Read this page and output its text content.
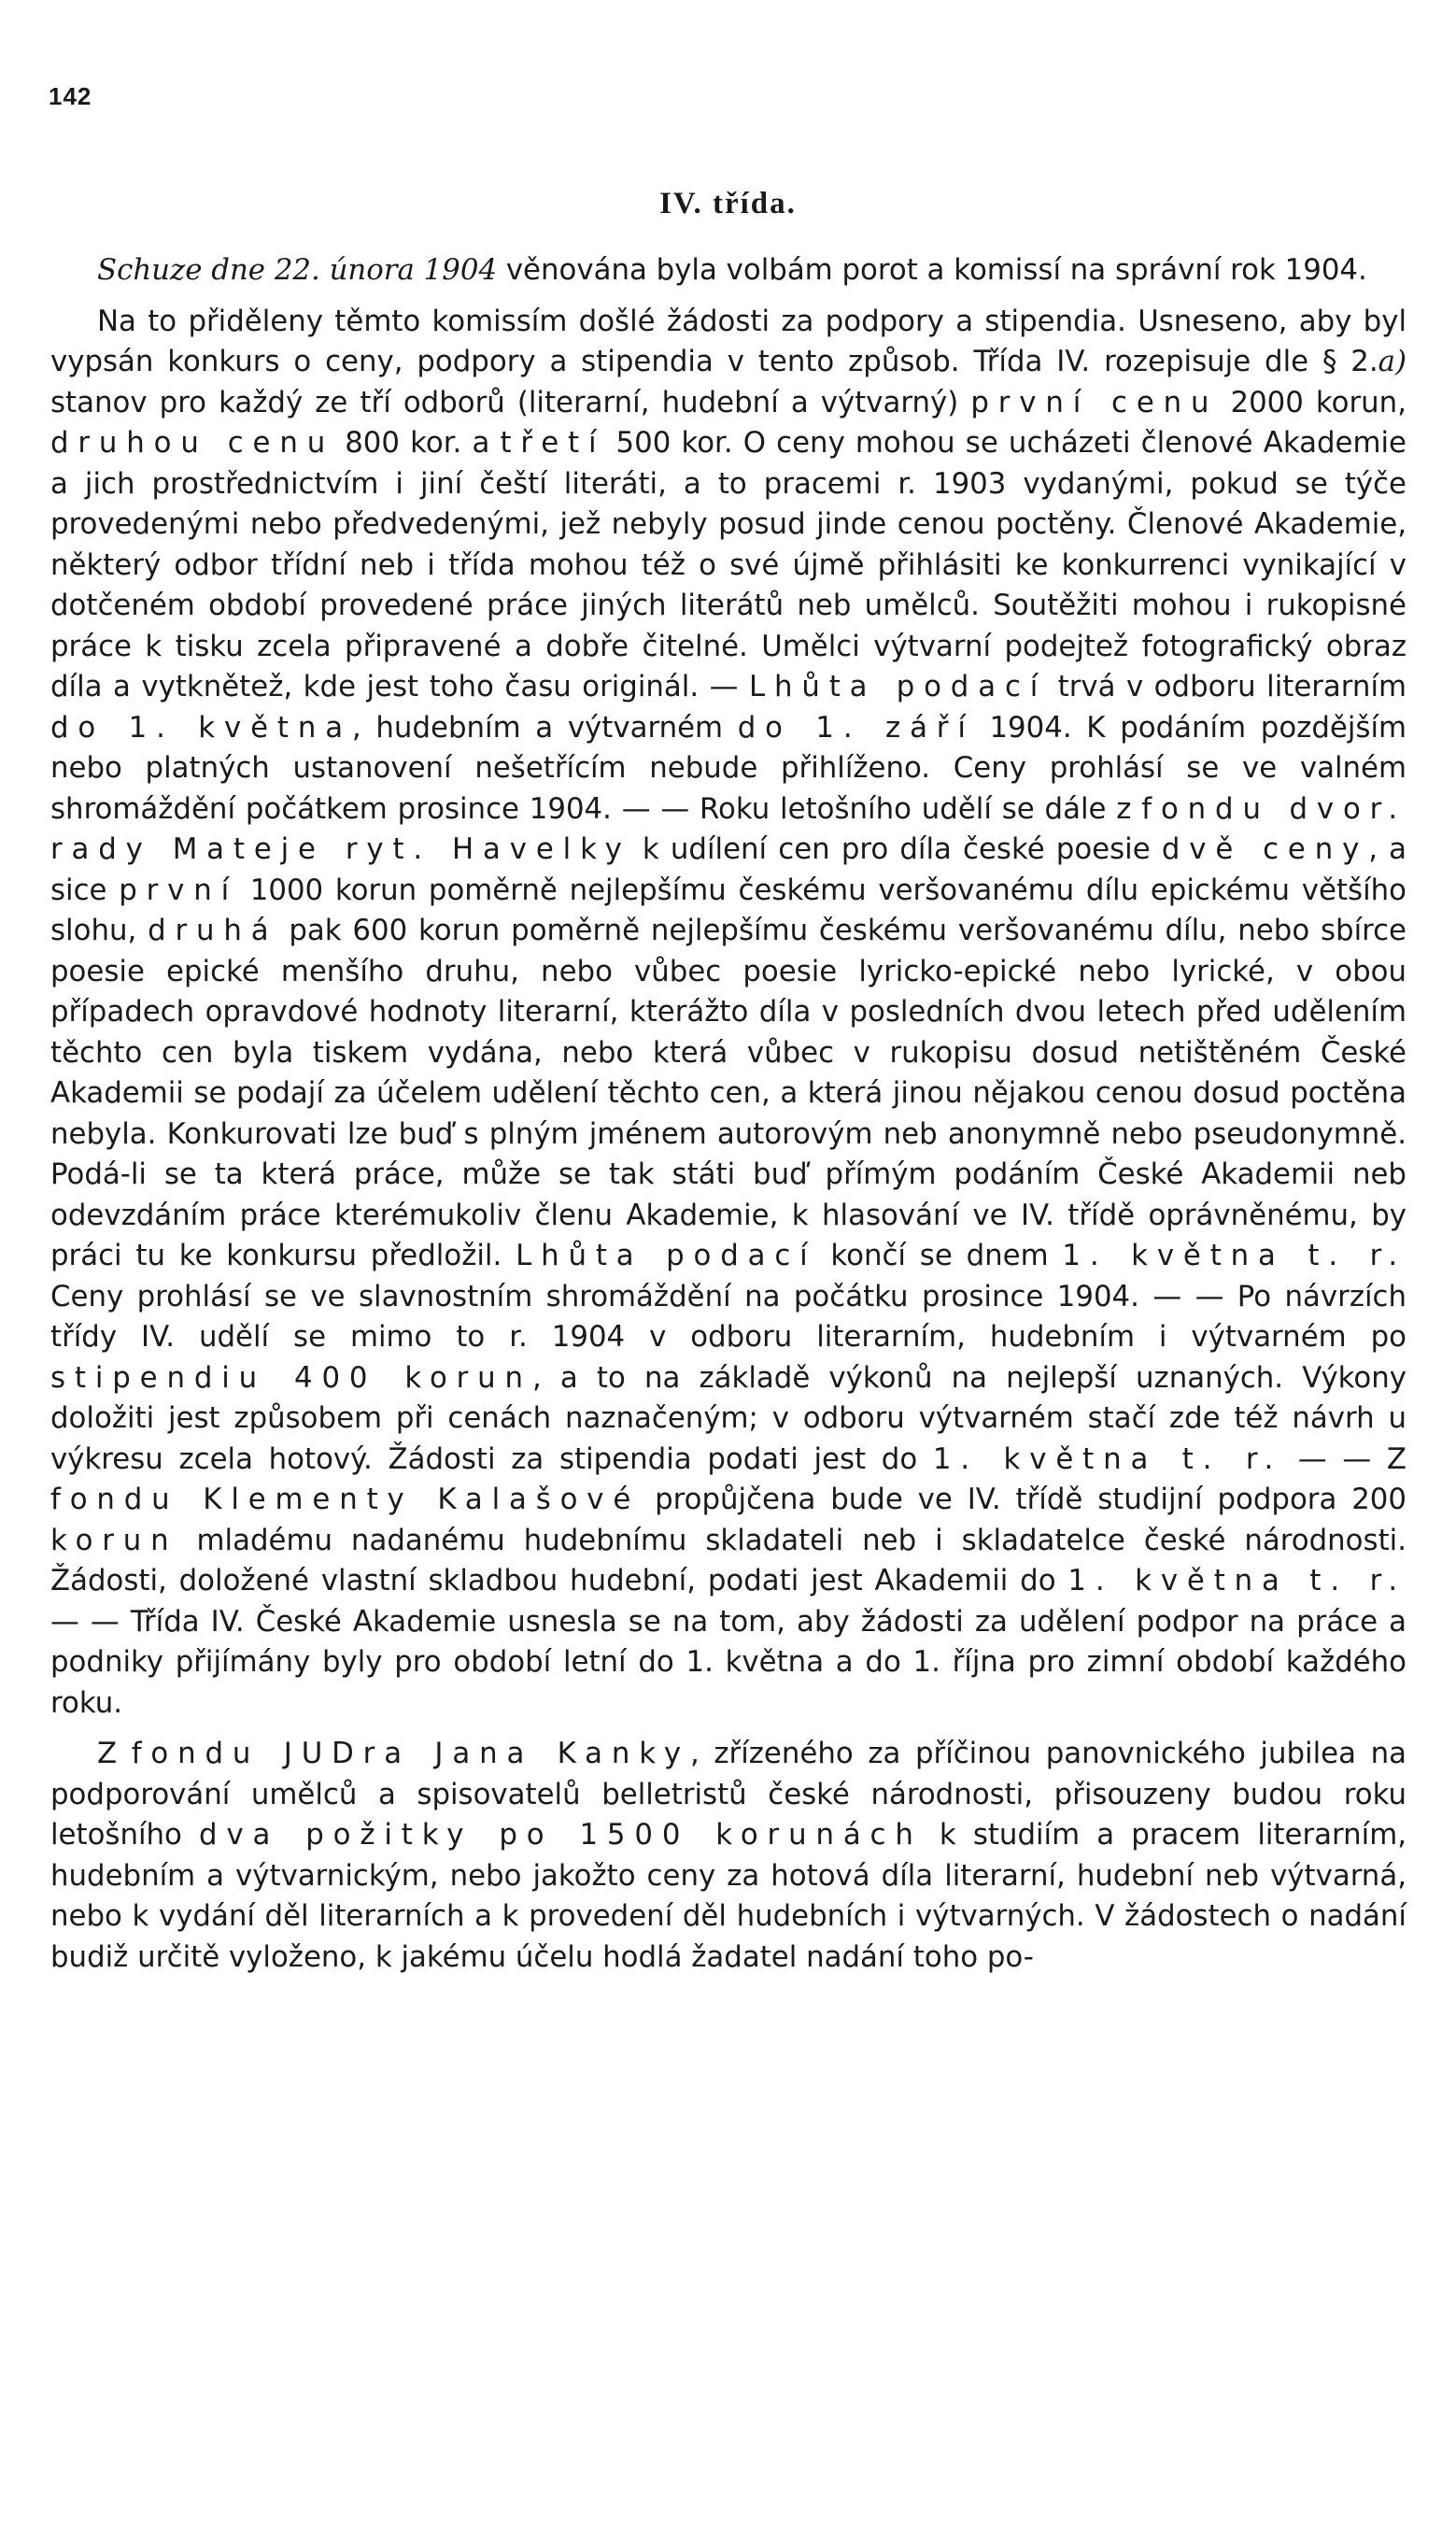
142
IV. třída.

Schuze dne 22. února 1904 věnována byla volbám porot a komissí na správní rok 1904.

Na to přiděleny těmto komissím došlé žádosti za podpory a stipendia. Usneseno, aby byl vypsán konkurs o ceny, podpory a stipendia v tento způsob. Třída IV. rozepisuje dle § 2.a) stanov pro každý ze tří odborů (literarní, hudební a výtvarný) první cenu 2000 korun, druhou cenu 800 kor. a třetí 500 kor. O ceny mohou se ucházeti členové Akademie a jich prostřednictvím i jiní čeští literáti, a to pracemi r. 1903 vydanými, pokud se týče provedenými nebo předvedenými, jež nebyly posud jinde cenou poctěny. Členové Akademie, některý odbor třídní neb i třída mohou též o své újmě přihlásiti ke konkurrenci vynikající v dotčeném období provedené práce jiných literátů neb umělců. Soutěžiti mohou i rukopisné práce k tisku zcela připravené a dobře čitelné. Umělci výtvarní podejtež fotografický obraz díla a vytknětež, kde jest toho času originál. — Lhůta podací trvá v odboru literarním do 1. května, hudebním a výtvarném do 1. září 1904. K podáním pozdějším nebo platných ustanovení nešetřícím nebude přihlíženo. Ceny prohlásí se ve valném shromáždění počátkem prosince 1904. — — Roku letošního udělí se dále z fondu dvor. rady Mateje ryt. Havelky k udílení cen pro díla české poesie dvě ceny, a sice první 1000 korun poměrně nejlepšímu českému veršovanému dílu epickému většího slohu, druhá pak 600 korun poměrně nejlepšímu českému veršovanému dílu, nebo sbírce poesie epické menšího druhu, nebo vůbec poesie lyricko-epické nebo lyrické, v obou případech opravdové hodnoty literarní, kterážto díla v posledních dvou letech před udělením těchto cen byla tiskem vydána, nebo která vůbec v rukopisu dosud netištěném České Akademii se podají za účelem udělení těchto cen, a která jinou nějakou cenou dosud poctěna nebyla. Konkurovati lze buď s plným jménem autorovým neb anonymně nebo pseudonymně. Podá-li se ta která práce, může se tak státi buď přímým podáním České Akademii neb odevzdáním práce kterémukoliv členu Akademie, k hlasování ve IV. třídě oprávněnému, by práci tu ke konkursu předložil. Lhůta podací končí se dnem 1. května t. r. Ceny prohlásí se ve slavnostním shromáždění na počátku prosince 1904. — — Po návrzích třídy IV. udělí se mimo to r. 1904 v odboru literarním, hudebním i výtvarném po stipendiu 400 korun, a to na základě výkonů na nejlepší uznaných. Výkony doložiti jest způsobem při cenách naznačeným; v odboru výtvarném stačí zde též návrh u výkresu zcela hotový. Žádosti za stipendia podati jest do 1. května t. r. — — Z fondu Klementy Kalašové propůjčena bude ve IV. třídě studijní podpora 200 korun mladému nadanému hudebnímu skladateli neb i skladatelce české národnosti. Žádosti, doložené vlastní skladbou hudební, podati jest Akademii do 1. května t. r. — — Třída IV. České Akademie usnesla se na tom, aby žádosti za udělení podpor na práce a podniky přijímány byly pro období letní do 1. května a do 1. října pro zimní období každého roku.

Z fondu JUDra Jana Kanky, zřízeného za příčinou panovnického jubilea na podporování umělců a spisovatelů belletristů české národnosti, přisouzeny budou roku letošního dva požitky po 1500 korunách k studiím a pracem literarním, hudebním a výtvarnickým, nebo jakožto ceny za hotová díla literarní, hudební neb výtvarná, nebo k vydání děl literarních a k provedení děl hudebních i výtvarných. V žádostech o nadání budiž určitě vyloženo, k jakému účelu hodlá žadatel nadání toho po-
